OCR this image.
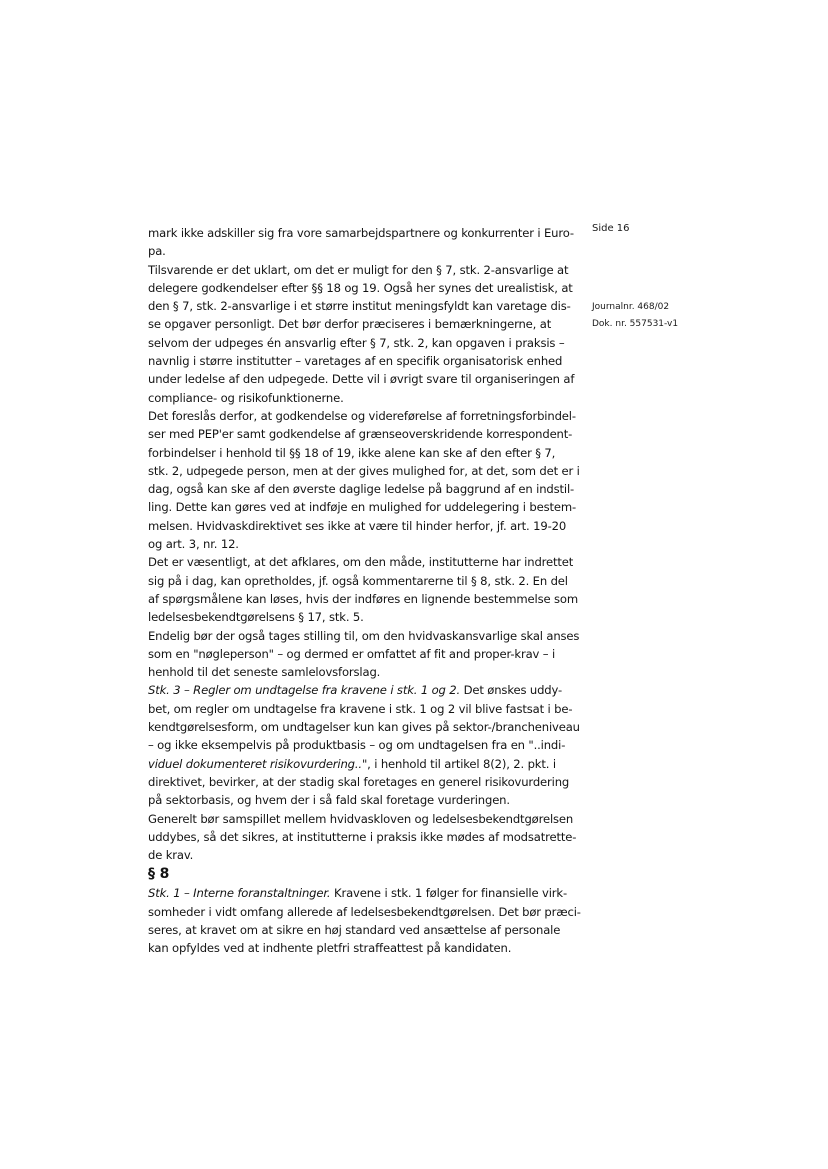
Side 16
Journalnr. 468/02
Dok. nr. 557531-v1

mark ikke adskiller sig fra vore samarbejdspartnere og konkurrenter i Euro-
pa.

Tilsvarende er det uklart, om det er muligt for den § 7, stk. 2-ansvarlige at
delegere godkendelser efter §§ 18 og 19. Også her synes det urealistisk, at
den § 7, stk. 2-ansvarlige i et større institut meningsfyldt kan varetage dis-
se opgaver personligt. Det bør derfor præciseres i bemærkningerne, at
selvom der udpeges én ansvarlig efter § 7, stk. 2, kan opgaven i praksis –
navnlig i større institutter – varetages af en specifik organisatorisk enhed
under ledelse af den udpegede. Dette vil i øvrigt svare til organiseringen af
compliance- og risikofunktionerne.

Det foreslås derfor, at godkendelse og videreførelse af forretningsforbindel-
ser med PEP'er samt godkendelse af grænseoverskridende korrespondent-
forbindelser i henhold til §§ 18 of 19, ikke alene kan ske af den efter § 7,
stk. 2, udpegede person, men at der gives mulighed for, at det, som det er i
dag, også kan ske af den øverste daglige ledelse på baggrund af en indstil-
ling. Dette kan gøres ved at indføje en mulighed for uddelegering i bestem-
melsen. Hvidvaskdirektivet ses ikke at være til hinder herfor, jf. art. 19-20
og art. 3, nr. 12.

Det er væsentligt, at det afklares, om den måde, institutterne har indrettet
sig på i dag, kan opretholdes, jf. også kommentarerne til § 8, stk. 2. En del
af spørgsmålene kan løses, hvis der indføres en lignende bestemmelse som
ledelsesbekendtgørelsens § 17, stk. 5.

Endelig bør der også tages stilling til, om den hvidvaskansvarlige skal anses
som en "nøgleperson" – og dermed er omfattet af fit and proper-krav – i
henhold til det seneste samlelovsforslag.

Stk. 3 – Regler om undtagelse fra kravene i stk. 1 og 2. Det ønskes uddy-
bet, om regler om undtagelse fra kravene i stk. 1 og 2 vil blive fastsat i be-
kendtgørelsesform, om undtagelser kun kan gives på sektor-/brancheniveau
– og ikke eksempelvis på produktbasis – og om undtagelsen fra en "..indi-
viduel dokumenteret risikovurdering..", i henhold til artikel 8(2), 2. pkt. i
direktivet, bevirker, at der stadig skal foretages en generel risikovurdering
på sektorbasis, og hvem der i så fald skal foretage vurderingen.

Generelt bør samspillet mellem hvidvaskloven og ledelsesbekendtgørelsen
uddybes, så det sikres, at institutterne i praksis ikke mødes af modsatrette-
de krav.

§ 8

Stk. 1 – Interne foranstaltninger. Kravene i stk. 1 følger for finansielle virk-
somheder i vidt omfang allerede af ledelsesbekendtgørelsen. Det bør præci-
seres, at kravet om at sikre en høj standard ved ansættelse af personale
kan opfyldes ved at indhente pletfri straffeattest på kandidaten.
